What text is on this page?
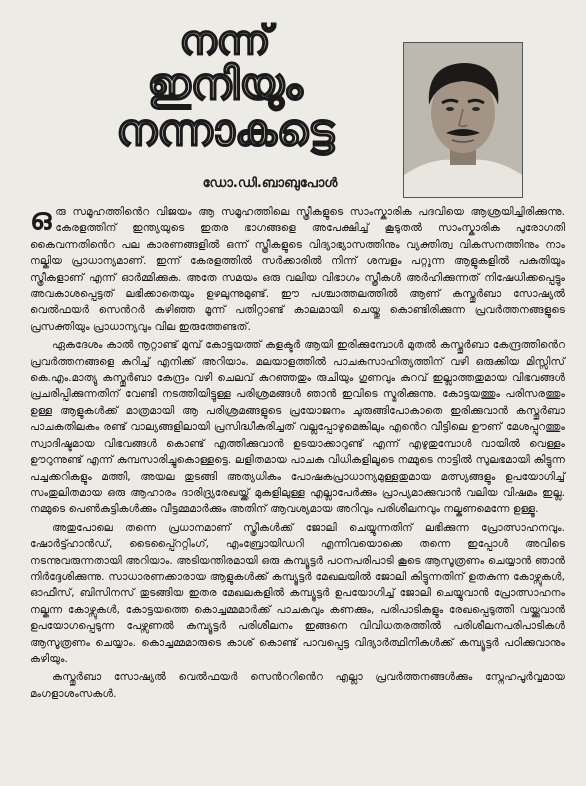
നന്ന്
ഇനിയും
നന്നാകട്ടെ
ഡോ.ഡി.ബാബുപോൾ

ഒരു സമൂഹത്തിൻെറ വിജയം ആ സമൂഹത്തിലെ സ്ത്രീകളുടെ സാംസ്കാരിക പദവിയെ ആശ്രയിച്ചിരിക്കുന്നു. കേരളത്തിന് ഇന്ത്യയുടെ ഇതര ഭാഗങ്ങളെ അപേക്ഷിച്ച് കൂടുതൽ സാംസ്കാരിക പുരോഗതി കൈവന്നതിൻെറ പല കാരണങ്ങളിൽ ഒന്ന് സ്ത്രീകളുടെ വിദ്യാഭ്യാസത്തിനും വ്യക്തിത്വ വികസനത്തിനും നാം നല്കിയ പ്രാധാന്യമാണ്. ഇന്ന് കേരളത്തിൽ സർക്കാരിൽ നിന്ന് ശമ്പളം പറ്റുന്ന ആളുകളിൽ പകുതിയും സ്ത്രീകളാണ് എന്ന് ഓർമ്മിക്കുക. അതേ സമയം ഒരു വലിയ വിഭാഗം സ്ത്രീകൾ അർഹിക്കുന്നത് നിഷേധിക്കപ്പെട്ടും അവകാശപ്പെട്ടത് ലഭിക്കാതെയും ഉഴലുന്നുമുണ്ട്. ഈ പശ്ചാത്തലത്തിൽ ആണ് കസ്തൂർബാ സോഷ്യൽ വെൽഫയർ സെൻറർ കഴിഞ്ഞ മൂന്ന് പതിറ്റാണ്ട് കാലമായി ചെയ്തു കൊണ്ടിരിക്കുന്ന പ്രവർത്തനങ്ങളുടെ പ്രസക്തിയും പ്രാധാന്യവും വില ഇരുത്തേണ്ടത്.

ഏകദേശം കാൽ നൂറ്റാണ്ട് മുമ്പ് കോട്ടയത്ത് കളക്ടർ ആയി ഇരിക്കുമ്പോൾ മുതൽ കസ്തൂർബാ കേന്ദ്രത്തിൻെറ പ്രവർത്തനങ്ങളെ കുറിച്ച് എനിക്ക് അറിയാം. മലയാളത്തിൽ പാചകസാഹിത്യത്തിന് വഴി ഒരുക്കിയ മിസ്സിസ് കെ.എം.മാത്യു കസ്തൂർബാ കേന്ദ്രം വഴി ചെലവ് കുറഞ്ഞതും രുചിയും ഗുണവും കുറവ് ഇല്ലാത്തതുമായ വിഭവങ്ങൾ പ്രചരിപ്പിക്കുന്നതിന് വേണ്ടി നടത്തിയിട്ടുള്ള പരിശ്രമങ്ങൾ ഞാൻ ഇവിടെ സ്മരിക്കുന്നു. കോട്ടയത്തും പരിസരത്തും ഉള്ള ആളുകൾക്ക് മാത്രമായി ആ പരിശ്രമങ്ങളുടെ പ്രയോജനം ചുരുങ്ങിപോകാതെ ഇരിക്കുവാൻ കസ്തൂർബാ പാചകതിലകം രണ്ട് വാല്യങ്ങളിലായി പ്രസിദ്ധീകരിച്ചത് വല്ലപ്പോഴുമെങ്കിലും എൻെറ വീട്ടിലെ ഊണ് മേശപ്പുറത്തും സ്വാദിഷ്ടമായ വിഭവങ്ങൾ കൊണ്ട് എത്തിക്കുവാൻ ഉടയാക്കാറുണ്ട് എന്ന് എഴുതുമ്പോൾ വായിൽ വെള്ളം ഊറുന്നുണ്ട് എന്ന് കുമ്പസാരിച്ചുകൊള്ളട്ടെ. ലളിതമായ പാചക വിധികളിലൂടെ നമ്മുടെ നാട്ടിൽ സുലഭമായി കിട്ടുന്ന പച്ചക്കറികളും മത്തി, അയല തുടങ്ങി അത്യധികം പോഷകപ്രാധാന്യമുള്ളതുമായ മത്സ്യങ്ങളും ഉപയോഗിച്ച് സംതുലിതമായ ഒരു ആഹാരം ദാരിദ്ര്യരേഖയ്ക്ക് മുകളിലുള്ള എല്ലാപേർക്കും പ്രാപ്യമാക്കുവാൻ വലിയ വിഷമം ഇല്ല. നമ്മുടെ പെൺകുട്ടികൾക്കും വീട്ടമ്മമാർക്കും അതിന് ആവശ്യമായ അറിവും പരിശീലനവും നല്കണമെന്നേ ഉള്ളൂ.

അതുപോലെ തന്നെ പ്രധാനമാണ് സ്ത്രീകൾക്ക് ജോലി ചെയ്യുന്നതിന് ലഭിക്കുന്ന പ്രോത്സാഹനവും. ഷോർട്ട്ഹാൻഡ്, ടൈപ്പ്റൈറ്റിംഗ്, എംബ്രോയിഡറി എന്നിവയൊക്കെ തന്നെ ഇപ്പോൾ അവിടെ നടന്നുവരുന്നതായി അറിയാം. അടിയന്തിരമായി ഒരു കമ്പ്യൂട്ടർ പഠനപരിപാടി കൂടെ ആസൂത്രണം ചെയ്യാൻ ഞാൻ നിർദ്ദേശിക്കുന്നു. സാധാരണക്കാരായ ആളുകൾക്ക് കമ്പ്യൂട്ടർ മേഖലയിൽ ജോലി കിട്ടുന്നതിന് ഉതകുന്ന കോഴ്സുകൾ, ഓഫീസ്, ബിസിനസ് തുടങ്ങിയ ഇതര മേഖലകളിൽ കമ്പ്യൂട്ടർ ഉപയോഗിച്ച് ജോലി ചെയ്യുവാൻ പ്രോത്സാഹനം നല്കുന്ന കോഴ്സുകൾ, കോട്ടയത്തെ കൊച്ചമ്മമാർക്ക് പാചകവും കണക്കും, പരിപാടികളും രേഖപ്പെടുത്തി വയ്ക്കുവാൻ ഉപയോഗപ്പെടുന്ന പേഴ്സണൽ കമ്പ്യൂട്ടർ പരിശീലനം ഇങ്ങനെ വിവിധതരത്തിൽ പരിശീലനപരിപാടികൾ ആസൂത്രണം ചെയ്യാം. കൊച്ചമ്മമാരുടെ കാശ് കൊണ്ട് പാവപ്പെട്ട വിദ്യാർത്ഥിനികൾക്ക് കമ്പ്യൂട്ടർ പഠിക്കുവാനും കഴിയും.

കസ്തൂർബാ സോഷ്യൽ വെൽഫയർ സെൻററിൻെറ എല്ലാ പ്രവർത്തനങ്ങൾക്കും സ്നേഹപൂർവ്വമായ മംഗളാശംസകൾ.
